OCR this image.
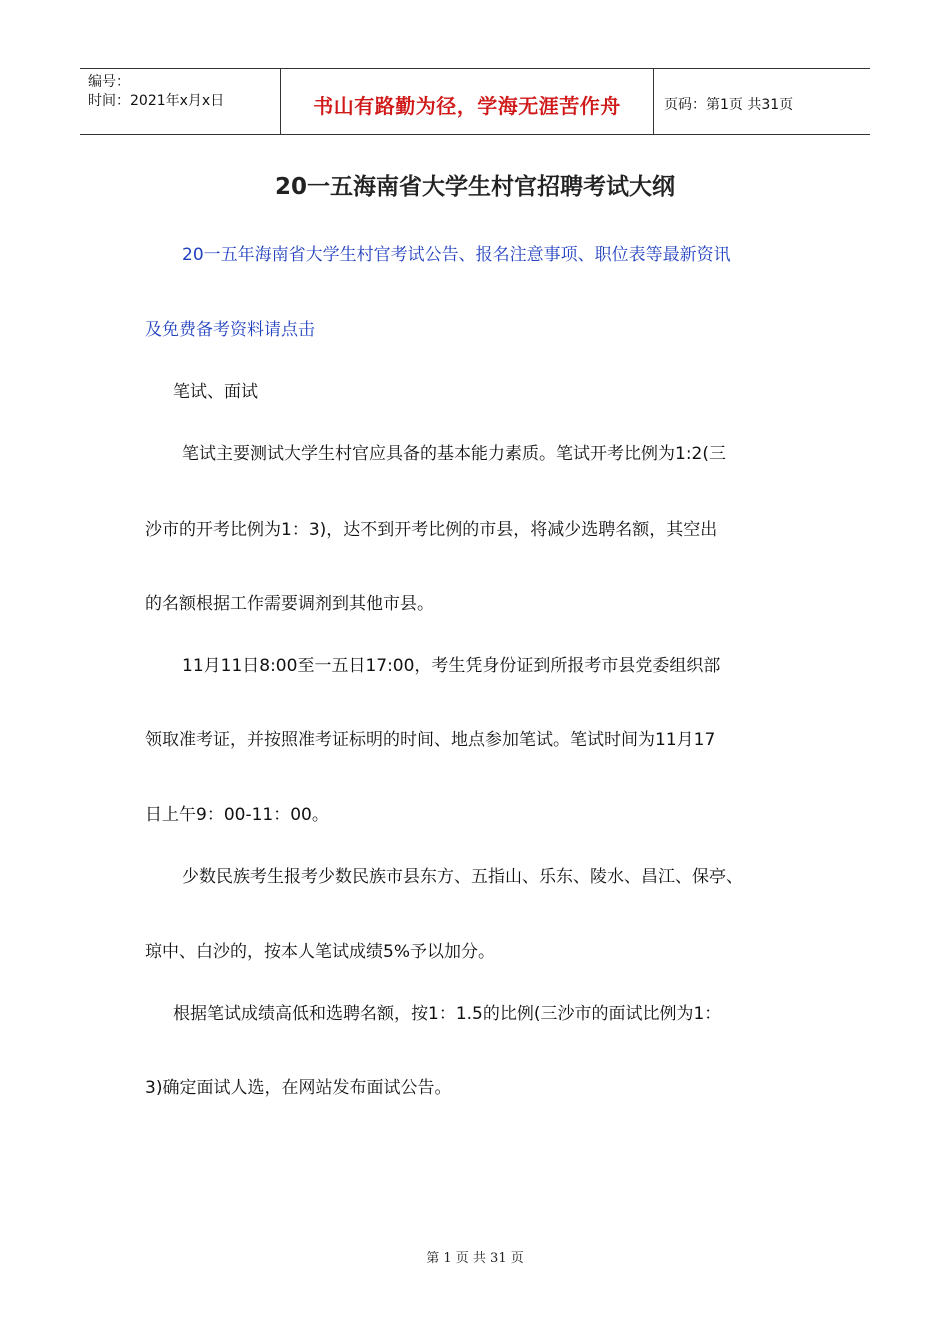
编号：
时间：2021年x月x日	书山有路勤为径，学海无涯苦作舟	页码：第1页 共31页
20一五海南省大学生村官招聘考试大纲
20一五年海南省大学生村官考试公告、报名注意事项、职位表等最新资讯
及免费备考资料请点击
笔试、面试
笔试主要测试大学生村官应具备的基本能力素质。笔试开考比例为1:2(三
沙市的开考比例为1：3)，达不到开考比例的市县，将减少选聘名额，其空出
的名额根据工作需要调剂到其他市县。
11月11日8:00至一五日17:00，考生凭身份证到所报考市县党委组织部
领取准考证，并按照准考证标明的时间、地点参加笔试。笔试时间为11月17
日上午9：00-11：00。
少数民族考生报考少数民族市县东方、五指山、乐东、陵水、昌江、保亭、
琼中、白沙的，按本人笔试成绩5%予以加分。
根据笔试成绩高低和选聘名额，按1：1.5的比例(三沙市的面试比例为1：
3)确定面试人选，在网站发布面试公告。
第 1 页 共 31 页
